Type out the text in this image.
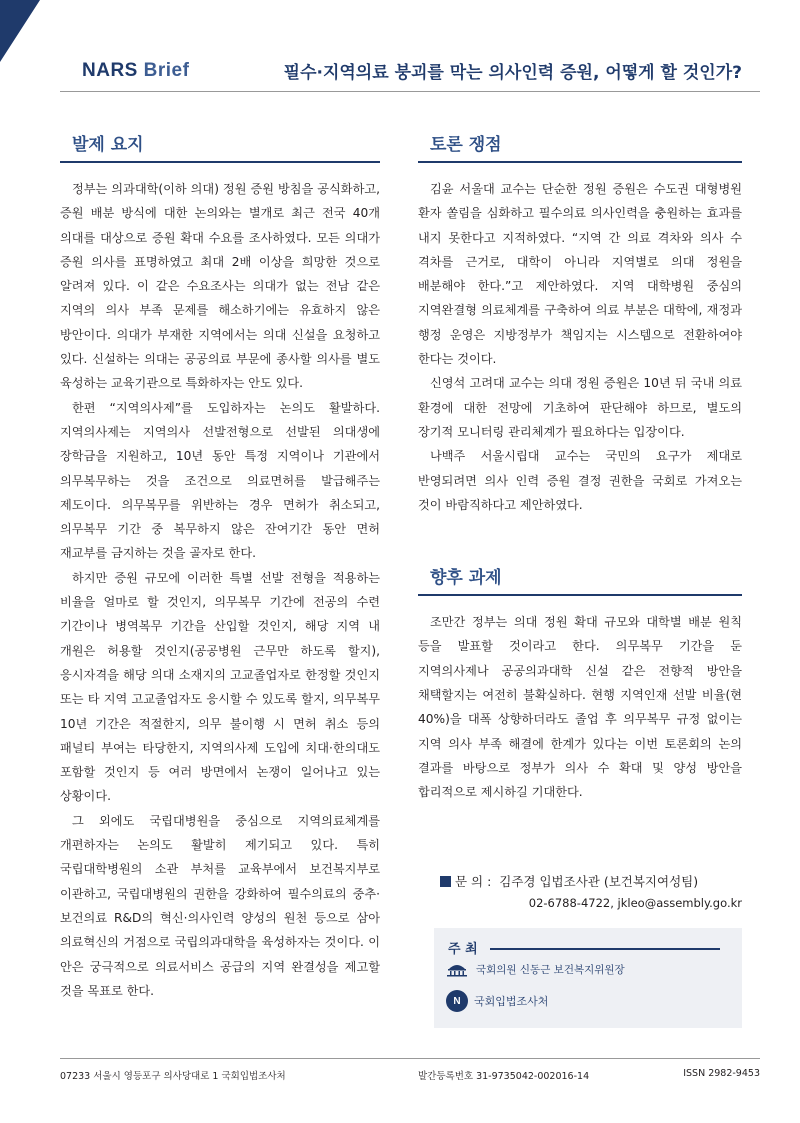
NARS Brief	필수·지역의료 붕괴를 막는 의사인력 증원, 어떻게 할 것인가?
발제 요지

정부는 의과대학(이하 의대) 정원 증원 방침을 공식화하고, 증원 배분 방식에 대한 논의와는 별개로 최근 전국 40개 의대를 대상으로 증원 확대 수요를 조사하였다. 모든 의대가 증원 의사를 표명하였고 최대 2배 이상을 희망한 것으로 알려져 있다. 이 같은 수요조사는 의대가 없는 전남 같은 지역의 의사 부족 문제를 해소하기에는 유효하지 않은 방안이다. 의대가 부재한 지역에서는 의대 신설을 요청하고 있다. 신설하는 의대는 공공의료 부문에 종사할 의사를 별도 육성하는 교육기관으로 특화하자는 안도 있다.

한편 “지역의사제”를 도입하자는 논의도 활발하다. 지역의사제는 지역의사 선발전형으로 선발된 의대생에 장학금을 지원하고, 10년 동안 특정 지역이나 기관에서 의무복무하는 것을 조건으로 의료면허를 발급해주는 제도이다. 의무복무를 위반하는 경우 면허가 취소되고, 의무복무 기간 중 복무하지 않은 잔여기간 동안 면허 재교부를 금지하는 것을 골자로 한다.

하지만 증원 규모에 이러한 특별 선발 전형을 적용하는 비율을 얼마로 할 것인지, 의무복무 기간에 전공의 수련 기간이나 병역복무 기간을 산입할 것인지, 해당 지역 내 개원은 허용할 것인지(공공병원 근무만 하도록 할지), 응시자격을 해당 의대 소재지의 고교졸업자로 한정할 것인지 또는 타 지역 고교졸업자도 응시할 수 있도록 할지, 의무복무 10년 기간은 적절한지, 의무 불이행 시 면허 취소 등의 패널티 부여는 타당한지, 지역의사제 도입에 치대·한의대도 포함할 것인지 등 여러 방면에서 논쟁이 일어나고 있는 상황이다.

그 외에도 국립대병원을 중심으로 지역의료체계를 개편하자는 논의도 활발히 제기되고 있다. 특히 국립대학병원의 소관 부처를 교육부에서 보건복지부로 이관하고, 국립대병원의 권한을 강화하여 필수의료의 중추·보건의료 R&D의 혁신·의사인력 양성의 원천 등으로 삼아 의료혁신의 거점으로 국립의과대학을 육성하자는 것이다. 이 안은 궁극적으로 의료서비스 공급의 지역 완결성을 제고할 것을 목표로 한다.

토론 쟁점

김윤 서울대 교수는 단순한 정원 증원은 수도권 대형병원 환자 쏠림을 심화하고 필수의료 의사인력을 충원하는 효과를 내지 못한다고 지적하였다. “지역 간 의료 격차와 의사 수 격차를 근거로, 대학이 아니라 지역별로 의대 정원을 배분해야 한다.”고 제안하였다. 지역 대학병원 중심의 지역완결형 의료체계를 구축하여 의료 부분은 대학에, 재정과 행정 운영은 지방정부가 책임지는 시스템으로 전환하여야 한다는 것이다.

신영석 고려대 교수는 의대 정원 증원은 10년 뒤 국내 의료 환경에 대한 전망에 기초하여 판단해야 하므로, 별도의 장기적 모니터링 관리체계가 필요하다는 입장이다.

나백주 서울시립대 교수는 국민의 요구가 제대로 반영되려면 의사 인력 증원 결정 권한을 국회로 가져오는 것이 바람직하다고 제안하였다.

향후 과제

조만간 정부는 의대 정원 확대 규모와 대학별 배분 원칙 등을 발표할 것이라고 한다. 의무복무 기간을 둔 지역의사제나 공공의과대학 신설 같은 전향적 방안을 채택할지는 여전히 불확실하다. 현행 지역인재 선발 비율(현 40%)을 대폭 상향하더라도 졸업 후 의무복무 규정 없이는 지역 의사 부족 해결에 한계가 있다는 이번 토론회의 논의 결과를 바탕으로 정부가 의사 수 확대 및 양성 방안을 합리적으로 제시하길 기대한다.

문 의 : 김주경 입법조사관 (보건복지여성팀)
02-6788-4722, jkleo@assembly.go.kr
주 최
국회의원 신동근 보건복지위원장
N	국회입법조사처
07233 서울시 영등포구 의사당대로 1 국회입법조사처	발간등록번호 31-9735042-002016-14	ISSN 2982-9453
